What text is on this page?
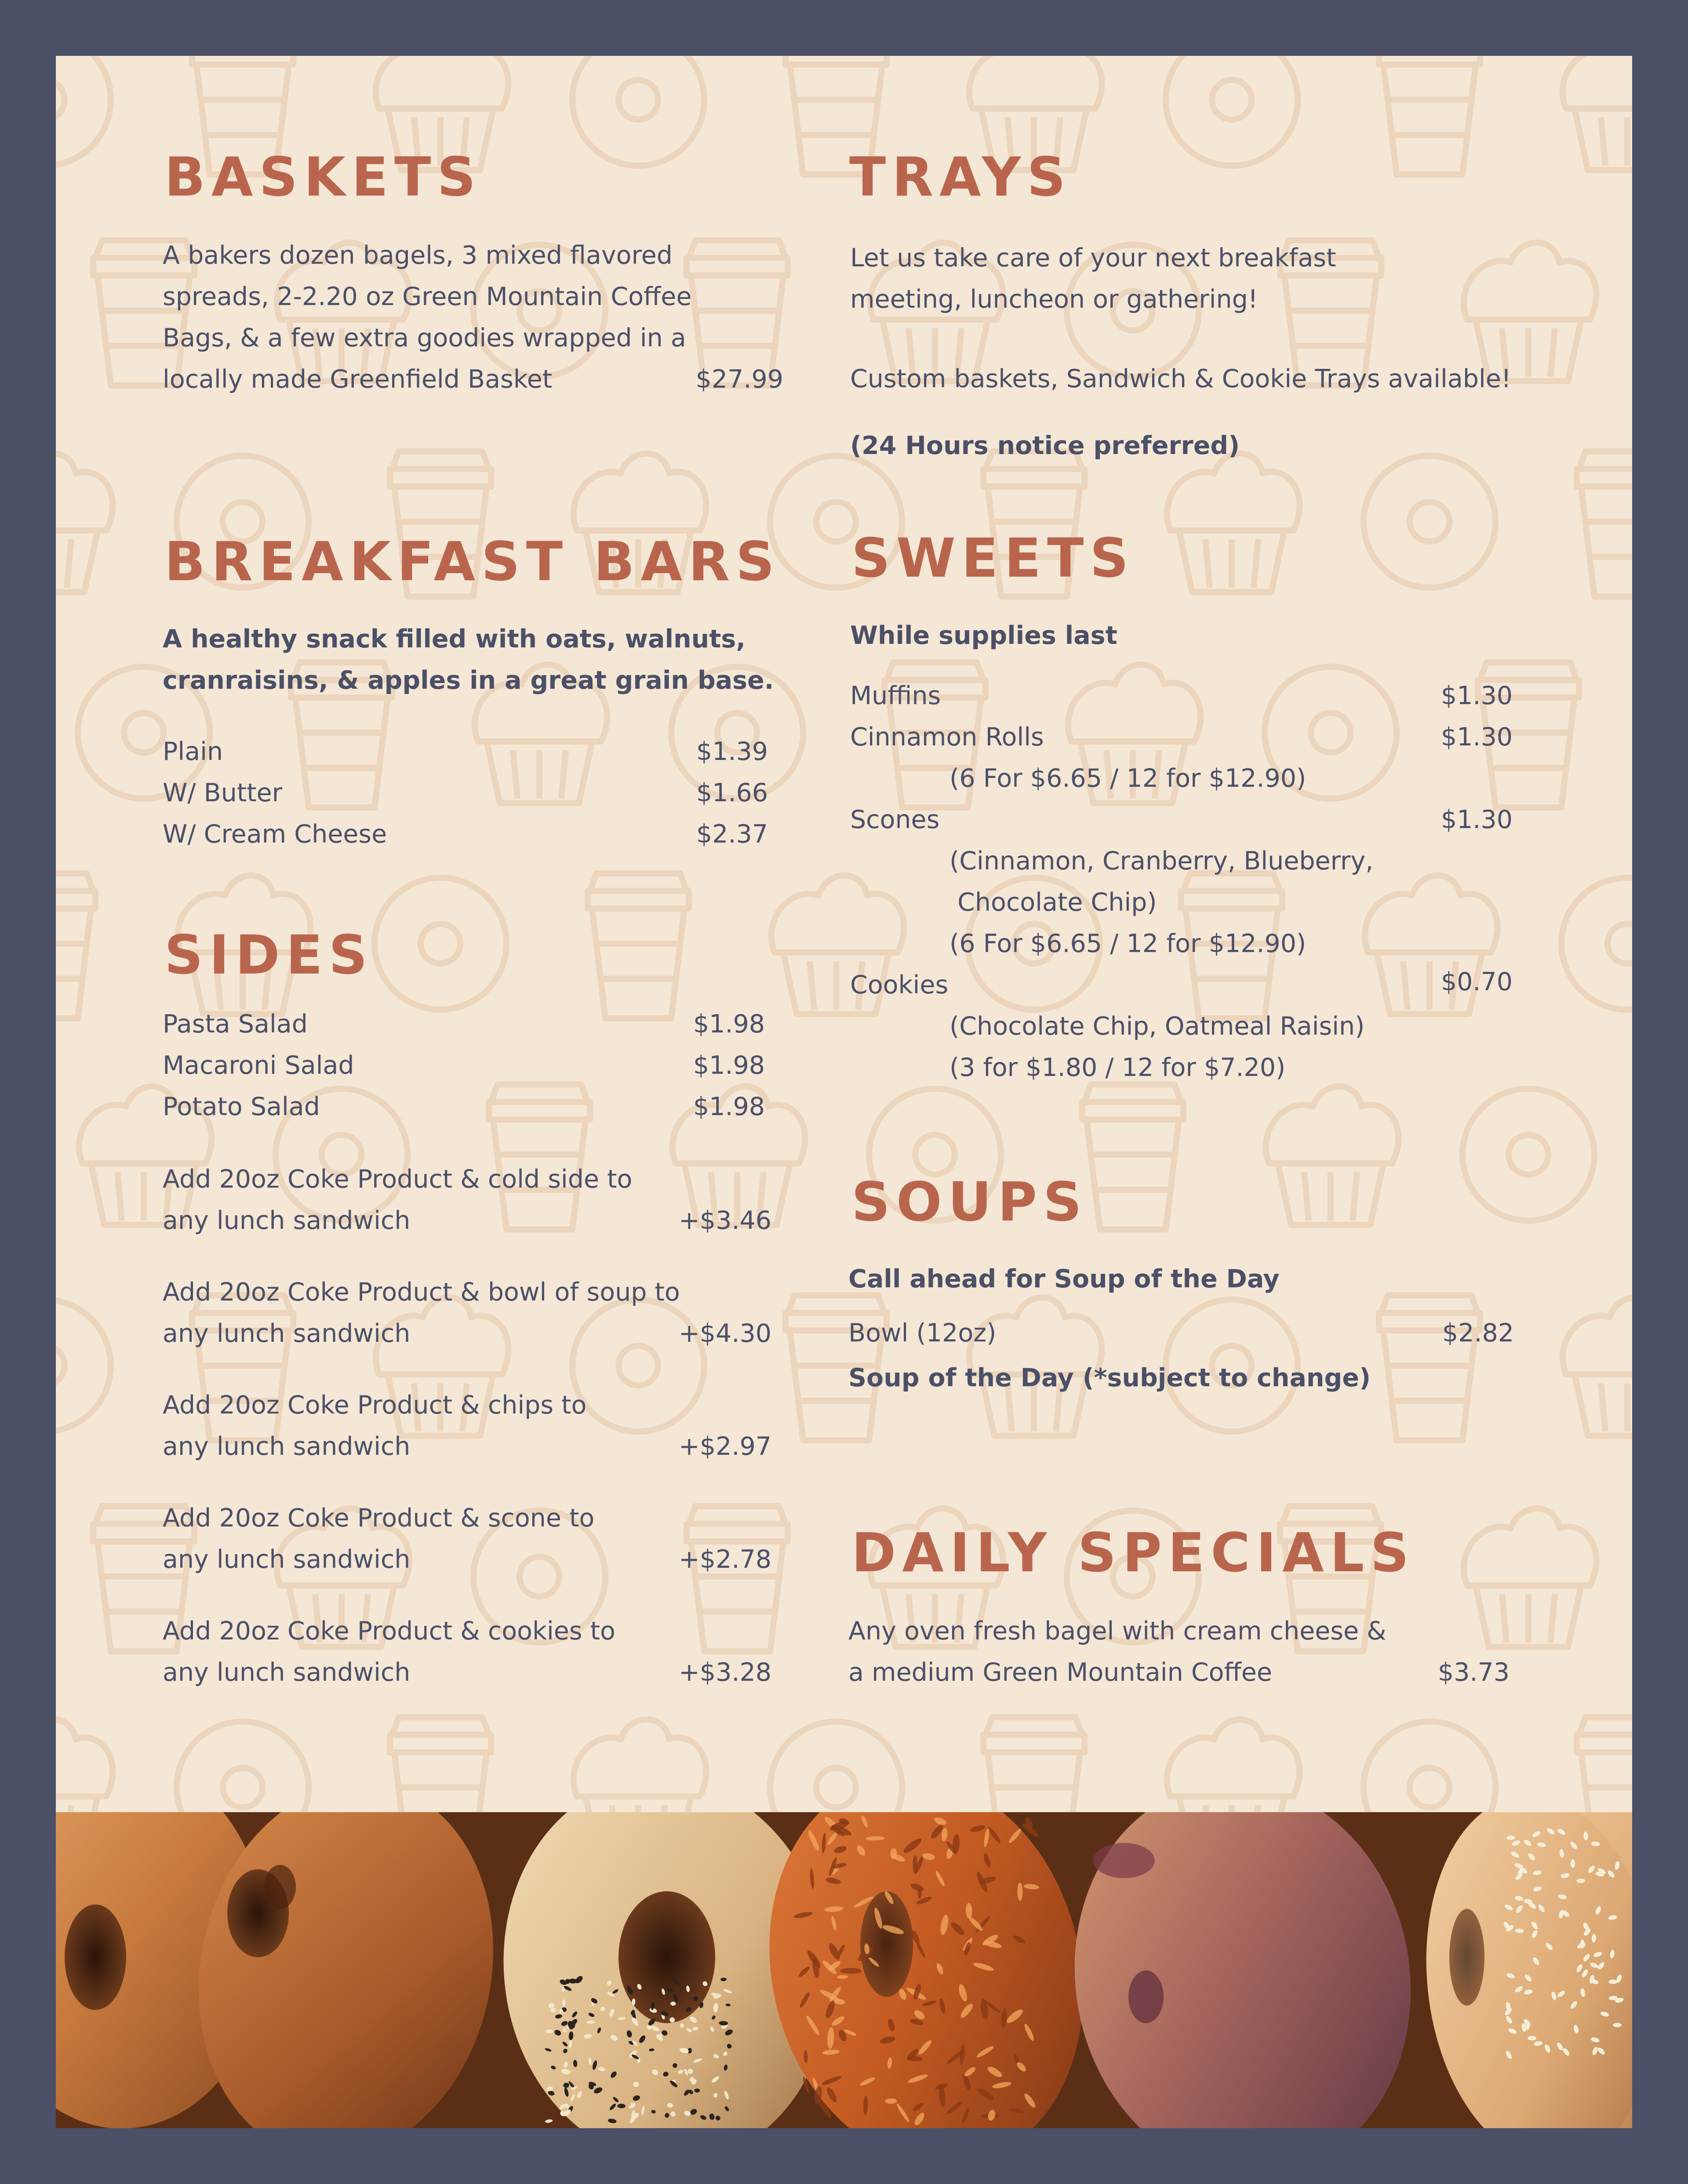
BASKETS
A bakers dozen bagels, 3 mixed flavored
spreads, 2-2.20 oz Green Mountain Coffee
Bags, & a few extra goodies wrapped in a
locally made Greenfield Basket	$27.99
BREAKFAST BARS
A healthy snack filled with oats, walnuts,
cranraisins, & apples in a great grain base.
Plain	$1.39
W/ Butter	$1.66
W/ Cream Cheese	$2.37
SIDES
Pasta Salad	$1.98
Macaroni Salad	$1.98
Potato Salad	$1.98
Add 20oz Coke Product & cold side to
any lunch sandwich	+$3.46
Add 20oz Coke Product & bowl of soup to
any lunch sandwich	+$4.30
Add 20oz Coke Product & chips to
any lunch sandwich	+$2.97
Add 20oz Coke Product & scone to
any lunch sandwich	+$2.78
Add 20oz Coke Product & cookies to
any lunch sandwich	+$3.28
TRAYS
Let us take care of your next breakfast
meeting, luncheon or gathering!
Custom baskets, Sandwich & Cookie Trays available!
(24 Hours notice preferred)
SWEETS
While supplies last
Muffins	$1.30
Cinnamon Rolls	$1.30
(6 For $6.65 / 12 for $12.90)
Scones	$1.30
(Cinnamon, Cranberry, Blueberry,
Chocolate Chip)
(6 For $6.65 / 12 for $12.90)
Cookies	$0.70
(Chocolate Chip, Oatmeal Raisin)
(3 for $1.80 / 12 for $7.20)
SOUPS
Call ahead for Soup of the Day
Bowl (12oz)	$2.82
Soup of the Day (*subject to change)
DAILY SPECIALS
Any oven fresh bagel with cream cheese &
a medium Green Mountain Coffee	$3.73
